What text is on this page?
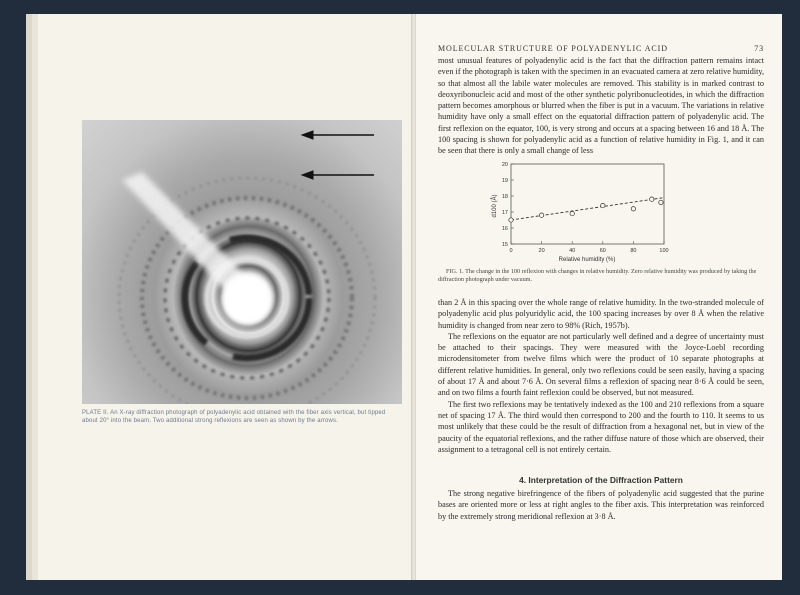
PLATE II. An X-ray diffraction photograph of polyadenylic acid obtained with the fiber axis vertical, but tipped about 20° into the beam. Two additional strong reflexions are seen as shown by the arrows.
MOLECULAR STRUCTURE OF POLYADENYLIC ACID	73

most unusual features of polyadenylic acid is the fact that the diffraction pattern remains intact even if the photograph is taken with the specimen in an evacuated camera at zero relative humidity, so that almost all the labile water molecules are removed. This stability is in marked contrast to deoxyribonucleic acid and most of the other synthetic polyribonucleotides, in which the diffraction pattern becomes amorphous or blurred when the fiber is put in a vacuum. The variations in relative humidity have only a small effect on the equatorial diffraction pattern of polyadenylic acid. The first reflexion on the equator, 100, is very strong and occurs at a spacing between 16 and 18 Å. The 100 spacing is shown for polyadenylic acid as a function of relative humidity in Fig. 1, and it can be seen that there is only a small change of less

15
16
17
18
19
20
0	20	40	60	80	100
d100 (Å)
Relative humidity (%)
FIG. 1. The change in the 100 reflexion with changes in relative humidity. Zero relative humidity was produced by taking the diffraction photograph under vacuum.

than 2 Å in this spacing over the whole range of relative humidity. In the two-stranded molecule of polyadenylic acid plus polyuridylic acid, the 100 spacing increases by over 8 Å when the relative humidity is changed from near zero to 98% (Rich, 1957b).

The reflexions on the equator are not particularly well defined and a degree of uncertainty must be attached to their spacings. They were measured with the Joyce-Loebl recording microdensitometer from twelve films which were the product of 10 separate photographs at different relative humidities. In general, only two reflexions could be seen easily, having a spacing of about 17 Å and about 7·6 Å. On several films a reflexion of spacing near 8·6 Å could be seen, and on two films a fourth faint reflexion could be observed, but not measured.

The first two reflexions may be tentatively indexed as the 100 and 210 reflexions from a square net of spacing 17 Å. The third would then correspond to 200 and the fourth to 110. It seems to us most unlikely that these could be the result of diffraction from a hexagonal net, but in view of the paucity of the equatorial reflexions, and the rather diffuse nature of those which are observed, their assignment to a tetragonal cell is not entirely certain.

4. Interpretation of the Diffraction Pattern

The strong negative birefringence of the fibers of polyadenylic acid suggested that the purine bases are oriented more or less at right angles to the fiber axis. This interpretation was reinforced by the extremely strong meridional reflexion at 3·8 Å.
